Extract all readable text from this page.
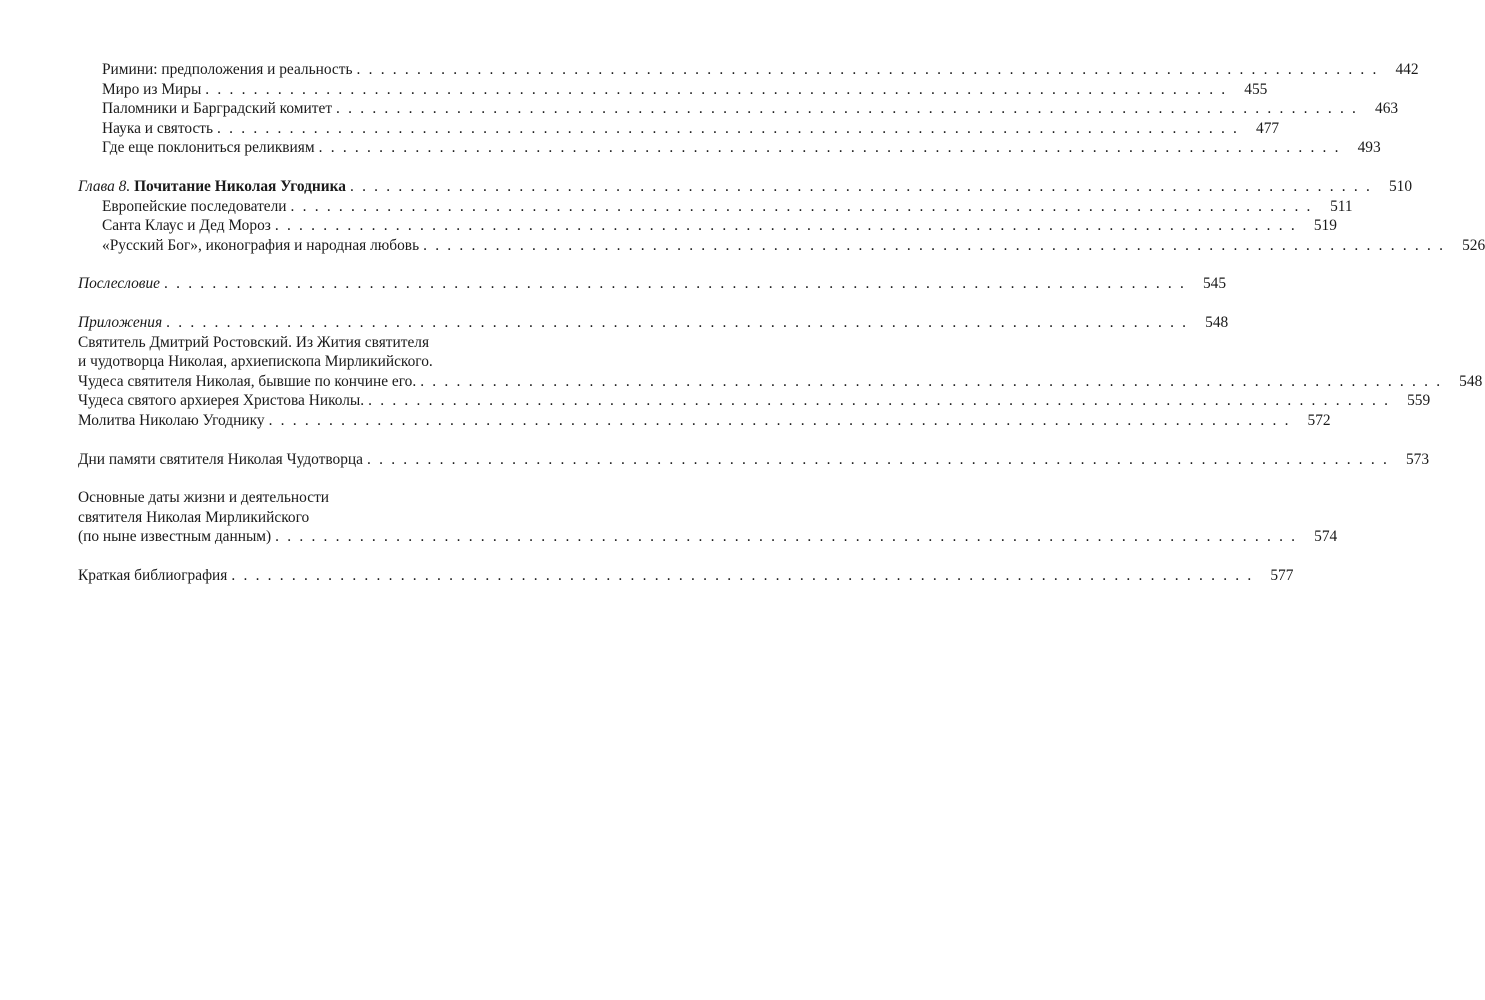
Римини: предположения и реальность . . .	442
Миро из Миры . . .	455
Паломники и Барградский комитет . . .	463
Наука и святость . . .	477
Где еще поклониться реликвиям . . .	493
Глава 8. Почитание Николая Угодника . . .	510
Европейские последователи . . .	511
Санта Клаус и Дед Мороз . . .	519
«Русский Бог», иконография и народная любовь . . .	526
Послесловие . . .	545
Приложения . . .	548
Святитель Дмитрий Ростовский. Из Жития святителя
и чудотворца Николая, архиепископа Мирликийского.
Чудеса святителя Николая, бывшие по кончине его. . . .	548
Чудеса святого архиерея Христова Николы. . . .	559
Молитва Николаю Угоднику . . .	572
Дни памяти святителя Николая Чудотворца . . .	573
Основные даты жизни и деятельности
святителя Николая Мирликийского
(по ныне известным данным) . . .	574
Краткая библиография . . .	577
